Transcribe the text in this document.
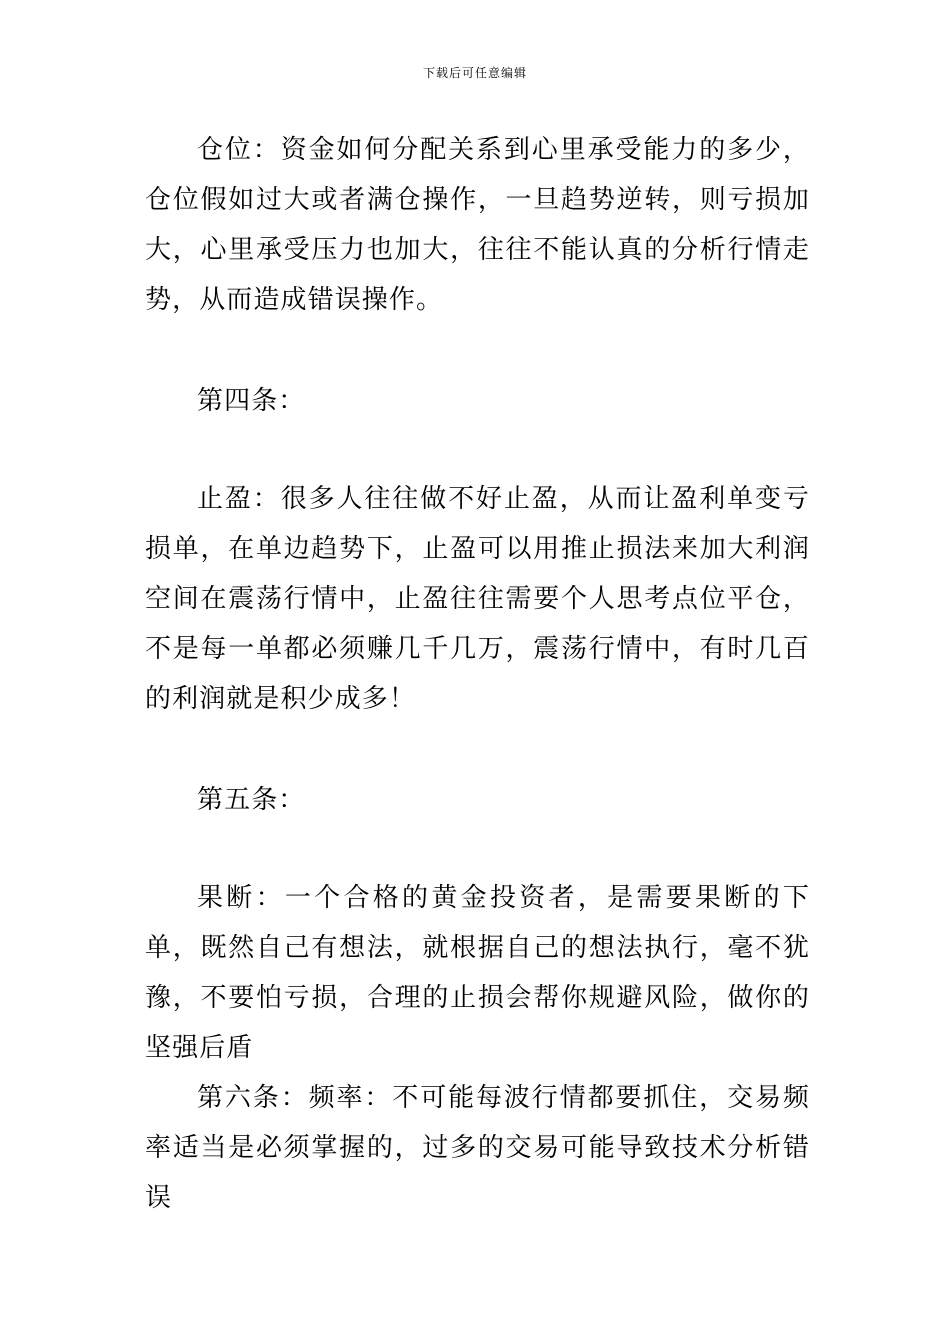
下载后可任意编辑

仓位：资金如何分配关系到心里承受能力的多少，仓位假如过大或者满仓操作，一旦趋势逆转，则亏损加大，心里承受压力也加大，往往不能认真的分析行情走势，从而造成错误操作。

第四条：

止盈：很多人往往做不好止盈，从而让盈利单变亏损单，在单边趋势下，止盈可以用推止损法来加大利润空间在震荡行情中，止盈往往需要个人思考点位平仓，不是每一单都必须赚几千几万，震荡行情中，有时几百的利润就是积少成多！

第五条：

果断：一个合格的黄金投资者，是需要果断的下单，既然自己有想法，就根据自己的想法执行，毫不犹豫，不要怕亏损，合理的止损会帮你规避风险，做你的坚强后盾

第六条：频率：不可能每波行情都要抓住，交易频率适当是必须掌握的，过多的交易可能导致技术分析错误
